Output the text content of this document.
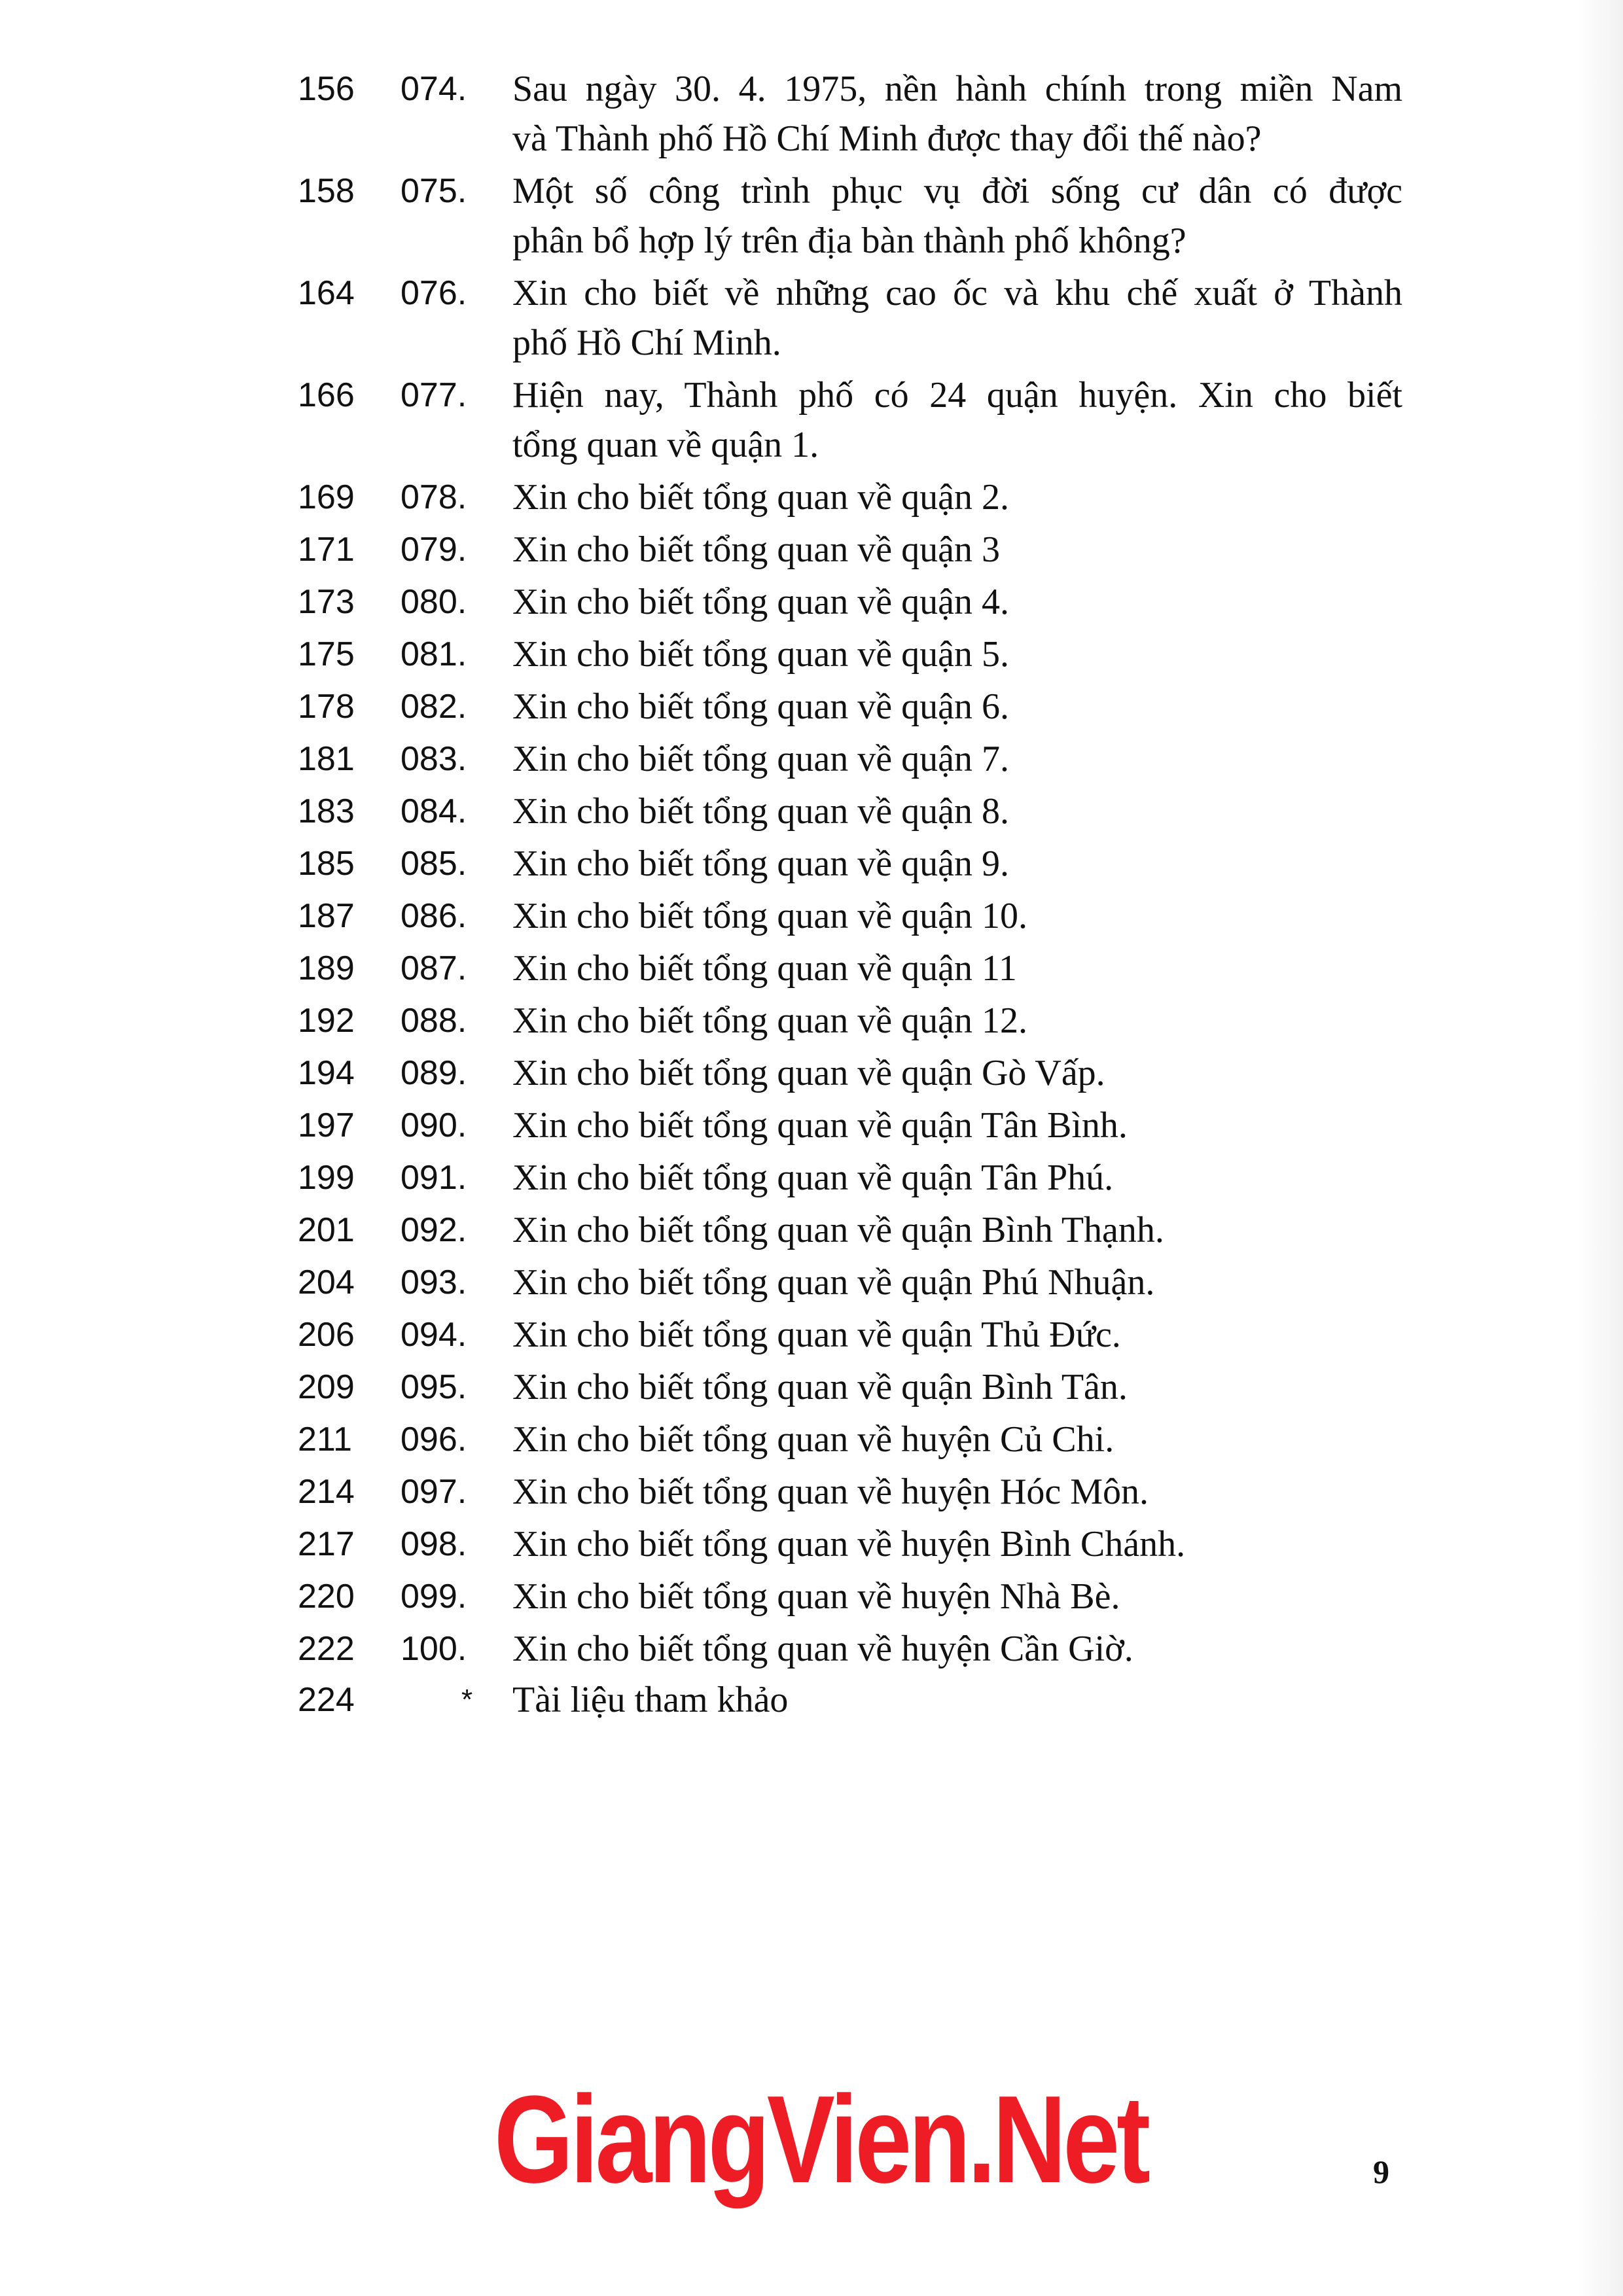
156 074. Sau ngày 30. 4. 1975, nền hành chính trong miền Nam
và Thành phố Hồ Chí Minh được thay đổi thế nào?
158 075. Một số công trình phục vụ đời sống cư dân có được
phân bổ hợp lý trên địa bàn thành phố không?
164 076. Xin cho biết về những cao ốc và khu chế xuất ở Thành
phố Hồ Chí Minh.
166 077. Hiện nay, Thành phố có 24 quận huyện. Xin cho biết
tổng quan về quận 1.
169 078. Xin cho biết tổng quan về quận 2.
171 079. Xin cho biết tổng quan về quận 3
173 080. Xin cho biết tổng quan về quận 4.
175 081. Xin cho biết tổng quan về quận 5.
178 082. Xin cho biết tổng quan về quận 6.
181 083. Xin cho biết tổng quan về quận 7.
183 084. Xin cho biết tổng quan về quận 8.
185 085. Xin cho biết tổng quan về quận 9.
187 086. Xin cho biết tổng quan về quận 10.
189 087. Xin cho biết tổng quan về quận 11
192 088. Xin cho biết tổng quan về quận 12.
194 089. Xin cho biết tổng quan về quận Gò Vấp.
197 090. Xin cho biết tổng quan về quận Tân Bình.
199 091. Xin cho biết tổng quan về quận Tân Phú.
201 092. Xin cho biết tổng quan về quận Bình Thạnh.
204 093. Xin cho biết tổng quan về quận Phú Nhuận.
206 094. Xin cho biết tổng quan về quận Thủ Đức.
209 095. Xin cho biết tổng quan về quận Bình Tân.
211 096. Xin cho biết tổng quan về huyện Củ Chi.
214 097. Xin cho biết tổng quan về huyện Hóc Môn.
217 098. Xin cho biết tổng quan về huyện Bình Chánh.
220 099. Xin cho biết tổng quan về huyện Nhà Bè.
222 100. Xin cho biết tổng quan về huyện Cần Giờ.
224	* Tài liệu tham khảo
GiangVien.Net	9
